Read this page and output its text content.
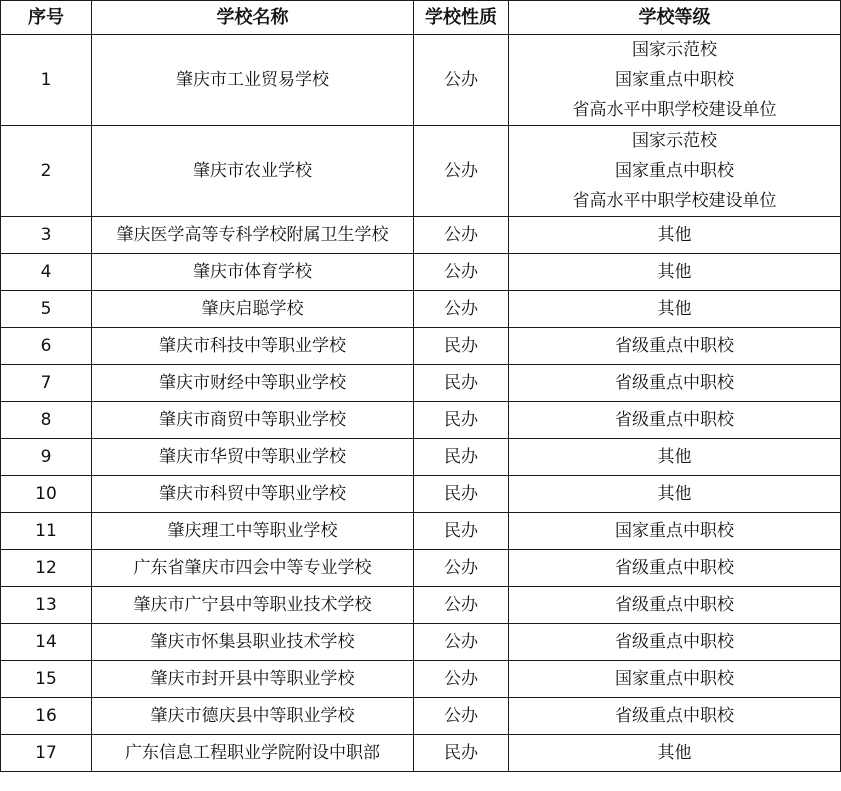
序号	学校名称	学校性质	学校等级
1	肇庆市工业贸易学校	公办	国家示范校
国家重点中职校
省高水平中职学校建设单位

2	肇庆市农业学校	公办	国家示范校
国家重点中职校
省高水平中职学校建设单位

3	肇庆医学高等专科学校附属卫生学校	公办	其他

4	肇庆市体育学校	公办	其他

5	肇庆启聪学校	公办	其他

6	肇庆市科技中等职业学校	民办	省级重点中职校

7	肇庆市财经中等职业学校	民办	省级重点中职校

8	肇庆市商贸中等职业学校	民办	省级重点中职校

9	肇庆市华贸中等职业学校	民办	其他

10	肇庆市科贸中等职业学校	民办	其他

11	肇庆理工中等职业学校	民办	国家重点中职校

12	广东省肇庆市四会中等专业学校	公办	省级重点中职校

13	肇庆市广宁县中等职业技术学校	公办	省级重点中职校

14	肇庆市怀集县职业技术学校	公办	省级重点中职校

15	肇庆市封开县中等职业学校	公办	国家重点中职校

16	肇庆市德庆县中等职业学校	公办	省级重点中职校

17	广东信息工程职业学院附设中职部	民办	其他
